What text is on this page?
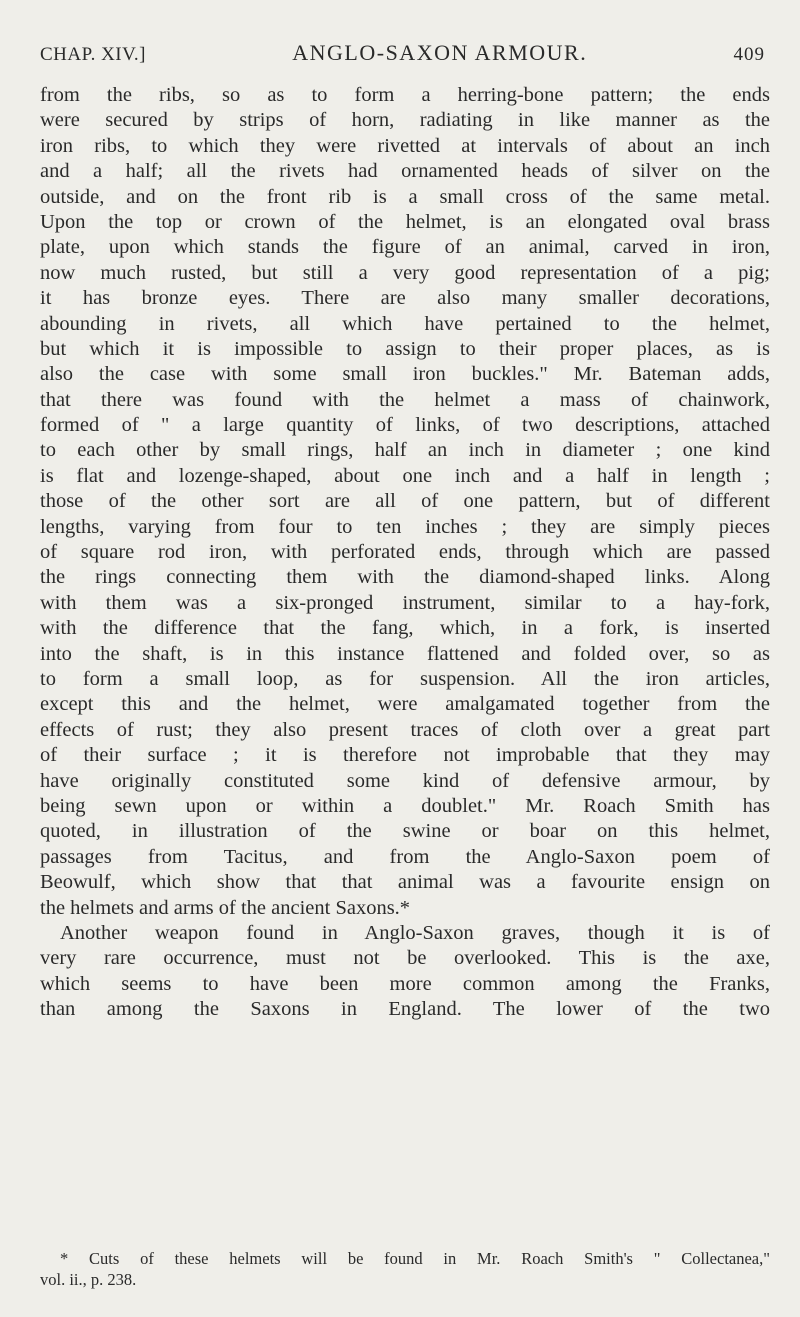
CHAP. XIV.]	ANGLO-SAXON ARMOUR.	409
from the ribs, so as to form a herring-bone pattern; the ends
were secured by strips of horn, radiating in like manner as the
iron ribs, to which they were rivetted at intervals of about an inch
and a half; all the rivets had ornamented heads of silver on the
outside, and on the front rib is a small cross of the same metal.
Upon the top or crown of the helmet, is an elongated oval brass
plate, upon which stands the figure of an animal, carved in iron,
now much rusted, but still a very good representation of a pig;
it has bronze eyes. There are also many smaller decorations,
abounding in rivets, all which have pertained to the helmet,
but which it is impossible to assign to their proper places, as is
also the case with some small iron buckles." Mr. Bateman adds,
that there was found with the helmet a mass of chainwork,
formed of " a large quantity of links, of two descriptions, attached
to each other by small rings, half an inch in diameter ; one kind
is flat and lozenge-shaped, about one inch and a half in length ;
those of the other sort are all of one pattern, but of different
lengths, varying from four to ten inches ; they are simply pieces
of square rod iron, with perforated ends, through which are passed
the rings connecting them with the diamond-shaped links. Along
with them was a six-pronged instrument, similar to a hay-fork,
with the difference that the fang, which, in a fork, is inserted
into the shaft, is in this instance flattened and folded over, so as
to form a small loop, as for suspension. All the iron articles,
except this and the helmet, were amalgamated together from the
effects of rust; they also present traces of cloth over a great part
of their surface ; it is therefore not improbable that they may
have originally constituted some kind of defensive armour, by
being sewn upon or within a doublet." Mr. Roach Smith has
quoted, in illustration of the swine or boar on this helmet,
passages from Tacitus, and from the Anglo-Saxon poem of
Beowulf, which show that that animal was a favourite ensign on
the helmets and arms of the ancient Saxons.*
Another weapon found in Anglo-Saxon graves, though it is of
very rare occurrence, must not be overlooked. This is the axe,
which seems to have been more common among the Franks,
than among the Saxons in England. The lower of the two
* Cuts of these helmets will be found in Mr. Roach Smith's " Collectanea,"
vol. ii., p. 238.
